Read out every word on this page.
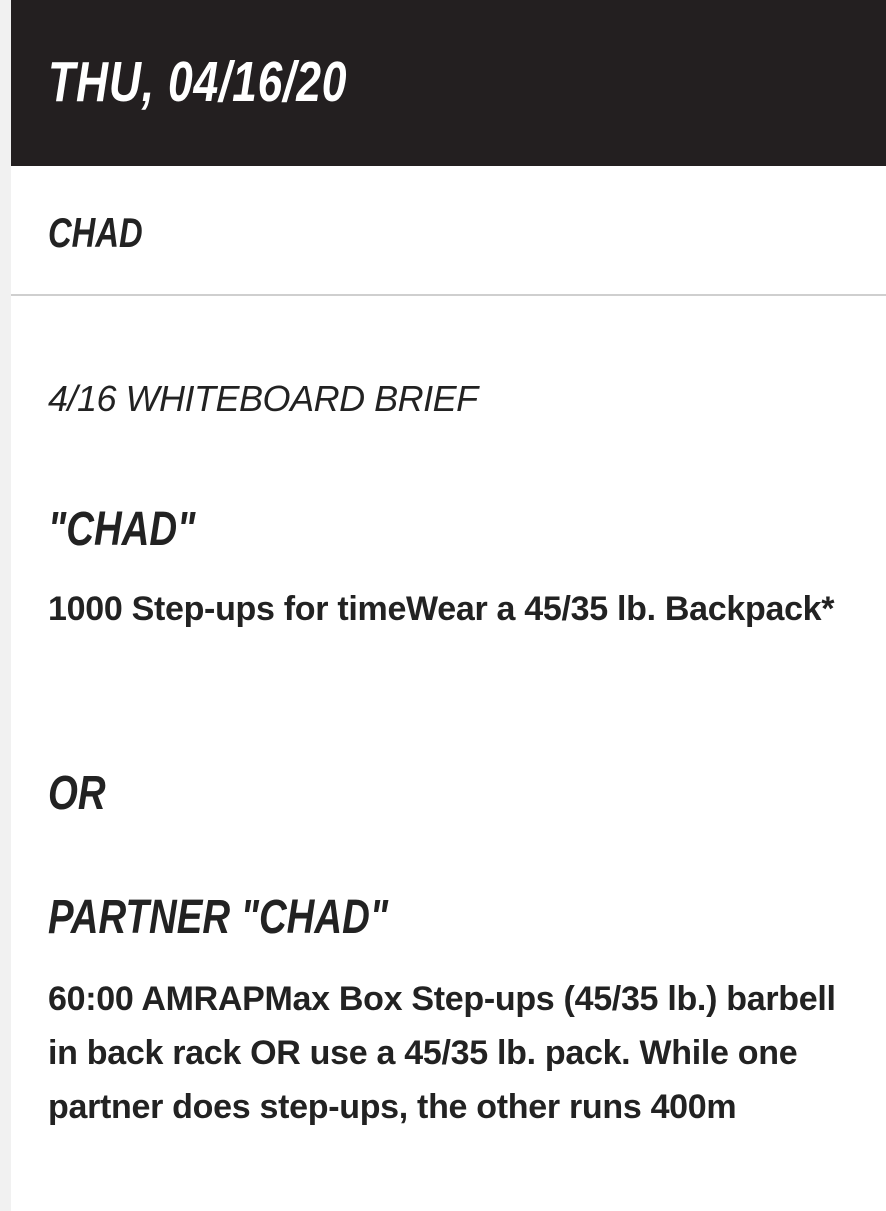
THU, 04/16/20
CHAD

4/16 WHITEBOARD BRIEF

"CHAD"

1000 Step-ups for timeWear a 45/35 lb. Backpack*

OR
PARTNER "CHAD"

60:00 AMRAPMax Box Step-ups (45/35 lb.) barbell in back rack OR use a 45/35 lb. pack. While one partner does step-ups, the other runs 400m
